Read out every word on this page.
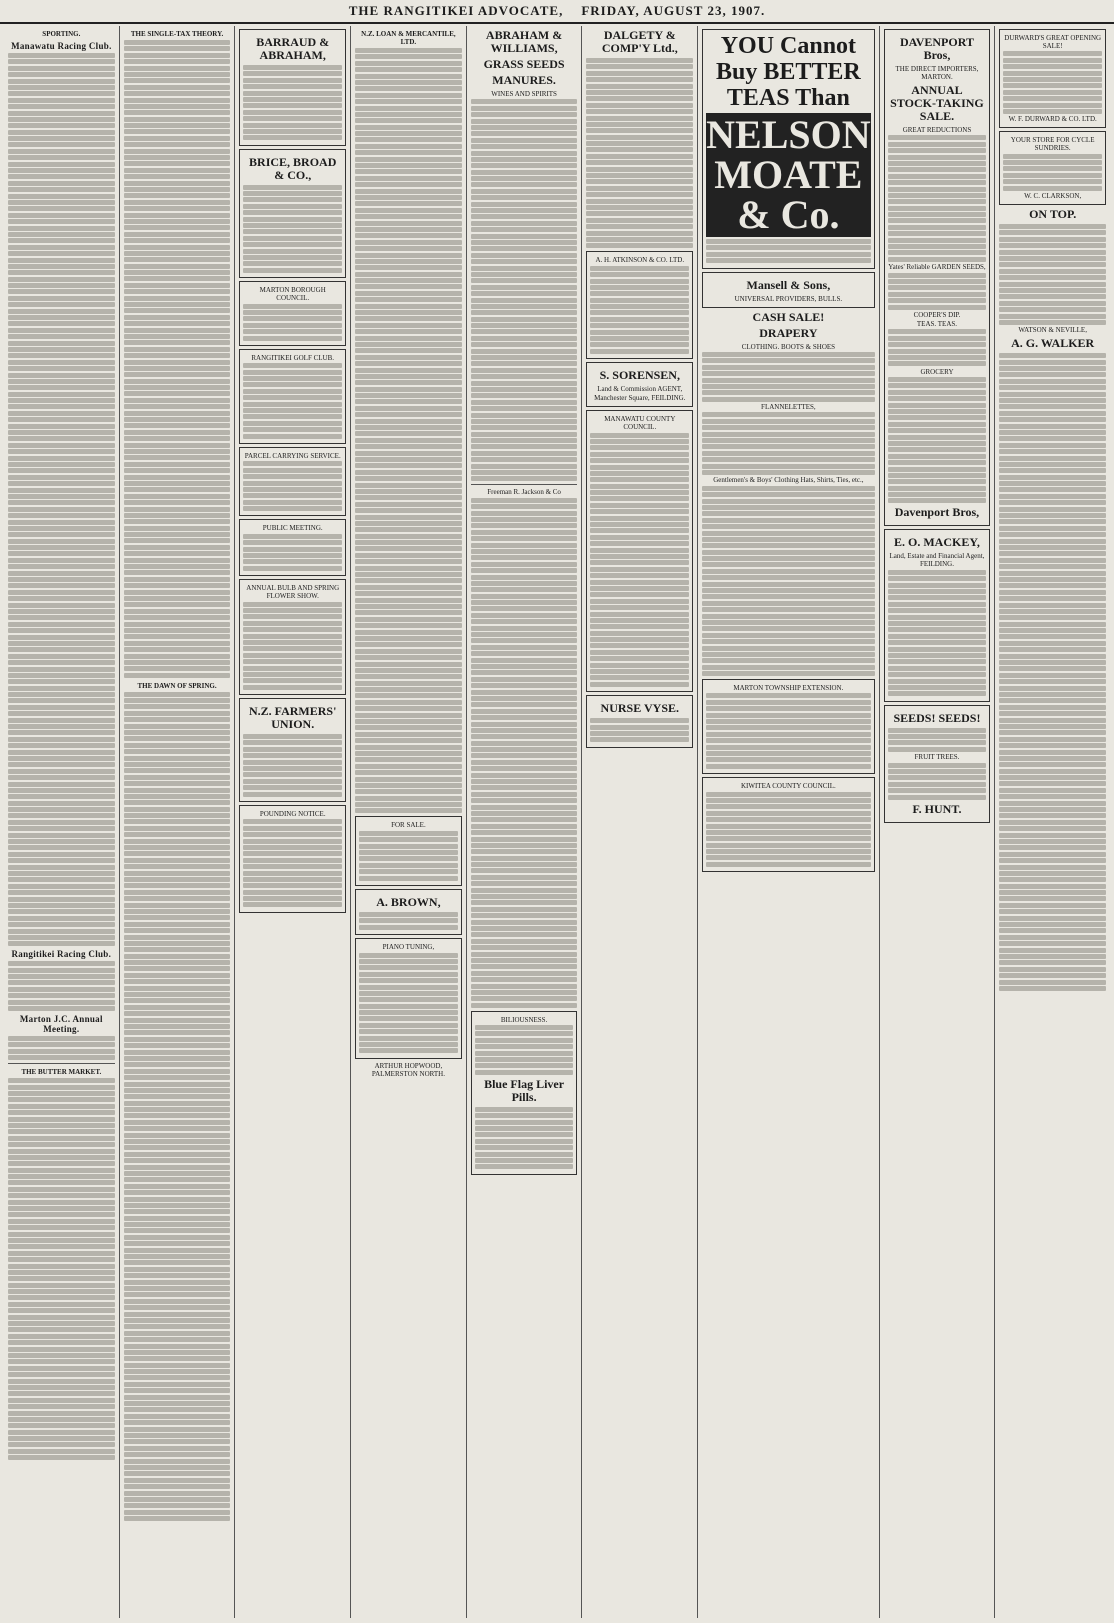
THE RANGITIKEI ADVOCATE, FRIDAY, AUGUST 23, 1907.
SPORTING.
Manawatu Racing Club.
Rangitikei Racing Club.
Marton J.C. Annual Meeting.
THE BUTTER MARKET.
THE SINGLE-TAX THEORY.
THE DAWN OF SPRING.
BARRAUD & ABRAHAM,
BRICE, BROAD & CO.,
MARTON BOROUGH COUNCIL.
RANGITIKEI GOLF CLUB.
PARCEL CARRYING SERVICE.
PUBLIC MEETING.
ANNUAL BULB AND SPRING FLOWER SHOW.
N.Z. FARMERS' UNION.
POUNDING NOTICE.
N.Z. LOAN & MERCANTILE, LTD.
FOR SALE.
A. BROWN,
PIANO TUNING,
ARTHUR HOPWOOD, PALMERSTON NORTH.
ABRAHAM & WILLIAMS,
GRASS SEEDS
MANURES.
WINES AND SPIRITS
Freeman R. Jackson & Co
BILIOUSNESS.
Blue Flag Liver Pills.
DALGETY & COMP'Y Ltd.,
A. H. ATKINSON & CO. LTD.
S. SORENSEN,
Land & Commission AGENT,
Manchester Square, FEILDING.
MANAWATU COUNTY COUNCIL.
NURSE VYSE.
YOU Cannot Buy BETTER TEAS Than
NELSON MOATE & Co.
Mansell & Sons,
UNIVERSAL PROVIDERS, BULLS.
CASH SALE!
DRAPERY
CLOTHING. BOOTS & SHOES
FLANNELETTES,
Gentlemen's & Boys' Clothing Hats, Shirts, Ties, etc.,
MARTON TOWNSHIP EXTENSION.
KIWITEA COUNTY COUNCIL.
DAVENPORT Bros,
THE DIRECT IMPORTERS, MARTON.
ANNUAL STOCK-TAKING SALE.
GREAT REDUCTIONS
Yates' Reliable GARDEN SEEDS,
COOPER'S DIP.
TEAS. TEAS.
GROCERY
Davenport Bros,
E. O. MACKEY,
Land, Estate and Financial Agent, FEILDING.
SEEDS! SEEDS!
FRUIT TREES.
F. HUNT.
DURWARD'S GREAT OPENING SALE!
W. F. DURWARD & CO. LTD.
YOUR STORE FOR CYCLE SUNDRIES.
W. C. CLARKSON,
ON TOP.
WATSON & NEVILLE,
A. G. WALKER
